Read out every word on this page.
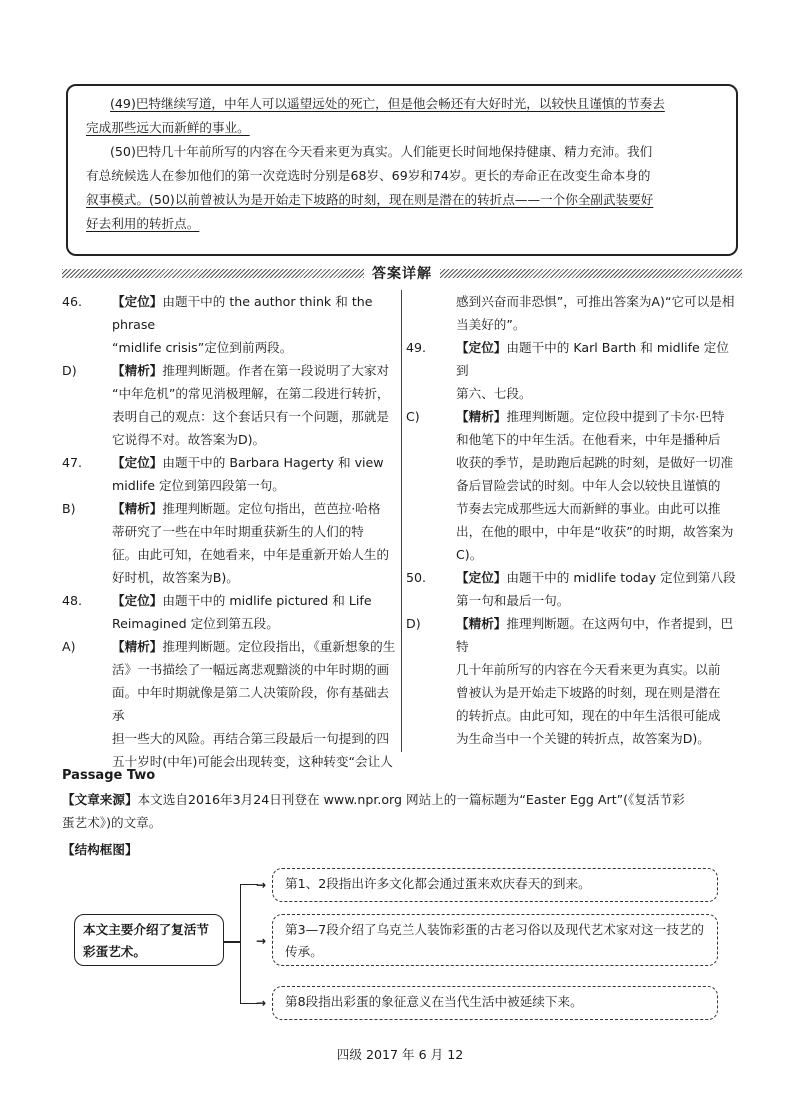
(49)巴特继续写道，中年人可以遥望远处的死亡，但是他会畅还有大好时光，以较快且谨慎的节奏去

完成那些远大而新鲜的事业。

(50)巴特几十年前所写的内容在今天看来更为真实。人们能更长时间地保持健康、精力充沛。我们

有总统候选人在参加他们的第一次竞选时分别是68岁、69岁和74岁。更长的寿命正在改变生命本身的

叙事模式。(50)以前曾被认为是开始走下坡路的时刻，现在则是潜在的转折点——一个你全副武装要好

好去利用的转折点。

答案详解
46.	【定位】由题干中的 the author think 和 the phrase
“midlife crisis”定位到前两段。
D)	【精析】推理判断题。作者在第一段说明了大家对
“中年危机”的常见消极理解，在第二段进行转折，
表明自己的观点：这个套话只有一个问题，那就是
它说得不对。故答案为D)。
47.	【定位】由题干中的 Barbara Hagerty 和 view
midlife 定位到第四段第一句。
B)	【精析】推理判断题。定位句指出，芭芭拉·哈格
蒂研究了一些在中年时期重获新生的人们的特
征。由此可知，在她看来，中年是重新开始人生的
好时机，故答案为B)。
48.	【定位】由题干中的 midlife pictured 和 Life
Reimagined 定位到第五段。
A)	【精析】推理判断题。定位段指出，《重新想象的生
活》一书描绘了一幅远离悲观黯淡的中年时期的画
面。中年时期就像是第二人决策阶段，你有基础去承
担一些大的风险。再结合第三段最后一句提到的四
五十岁时(中年)可能会出现转变，这种转变“会让人
感到兴奋而非恐惧”，可推出答案为A)“它可以是相
当美好的”。
49.	【定位】由题干中的 Karl Barth 和 midlife 定位到
第六、七段。
C)	【精析】推理判断题。定位段中提到了卡尔·巴特
和他笔下的中年生活。在他看来，中年是播种后
收获的季节，是助跑后起跳的时刻，是做好一切准
备后冒险尝试的时刻。中年人会以较快且谨慎的
节奏去完成那些远大而新鲜的事业。由此可以推
出，在他的眼中，中年是“收获”的时期，故答案为
C)。
50.	【定位】由题干中的 midlife today 定位到第八段
第一句和最后一句。
D)	【精析】推理判断题。在这两句中，作者提到，巴特
几十年前所写的内容在今天看来更为真实。以前
曾被认为是开始走下坡路的时刻，现在则是潜在
的转折点。由此可知，现在的中年生活很可能成
为生命当中一个关键的转折点，故答案为D)。
Passage Two
【文章来源】本文选自2016年3月24日刊登在 www.npr.org 网站上的一篇标题为“Easter Egg Art”(《复活节彩
蛋艺术》)的文章。
【结构框图】
本文主要介绍了复活节彩蛋艺术。
→	第1、2段指出许多文化都会通过蛋来欢庆春天的到来。
→
第3—7段介绍了乌克兰人装饰彩蛋的古老习俗以及现代艺术家对这一技艺的传承。
→	第8段指出彩蛋的象征意义在当代生活中被延续下来。
四级 2017 年 6 月 12
